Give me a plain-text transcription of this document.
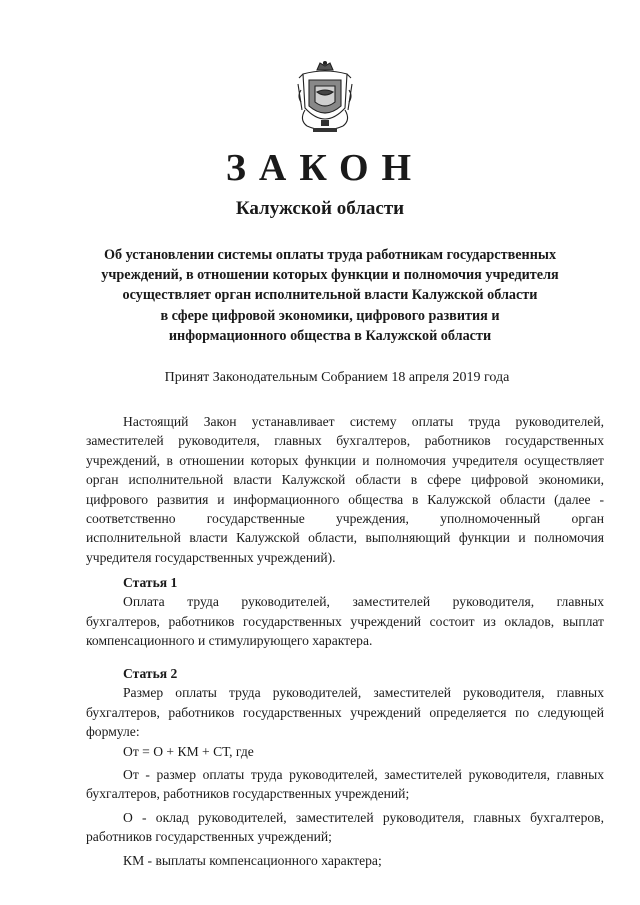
ЗАКОН
Калужской области
Об установлении системы оплаты труда работникам государственных
учреждений, в отношении которых функции и полномочия учредителя
осуществляет орган исполнительной власти Калужской области
в сфере цифровой экономики, цифрового развития и
информационного общества в Калужской области
Принят Законодательным Собранием 18 апреля 2019 года
Настоящий Закон устанавливает систему оплаты труда руководителей,
заместителей руководителя, главных бухгалтеров, работников государственных
учреждений, в отношении которых функции и полномочия учредителя осуществляет
орган исполнительной власти Калужской области в сфере цифровой экономики,
цифрового развития и информационного общества в Калужской области (далее -
соответственно государственные учреждения, уполномоченный орган
исполнительной власти Калужской области, выполняющий функции и полномочия
учредителя государственных учреждений).
Статья 1
Оплата труда руководителей, заместителей руководителя, главных
бухгалтеров, работников государственных учреждений состоит из окладов, выплат
компенсационного и стимулирующего характера.
Статья 2
Размер оплаты труда руководителей, заместителей руководителя, главных
бухгалтеров, работников государственных учреждений определяется по следующей
формуле:
От = О + КМ + СТ, где
От - размер оплаты труда руководителей, заместителей руководителя, главных
бухгалтеров, работников государственных учреждений;
О - оклад руководителей, заместителей руководителя, главных бухгалтеров,
работников государственных учреждений;
КМ - выплаты компенсационного характера;
